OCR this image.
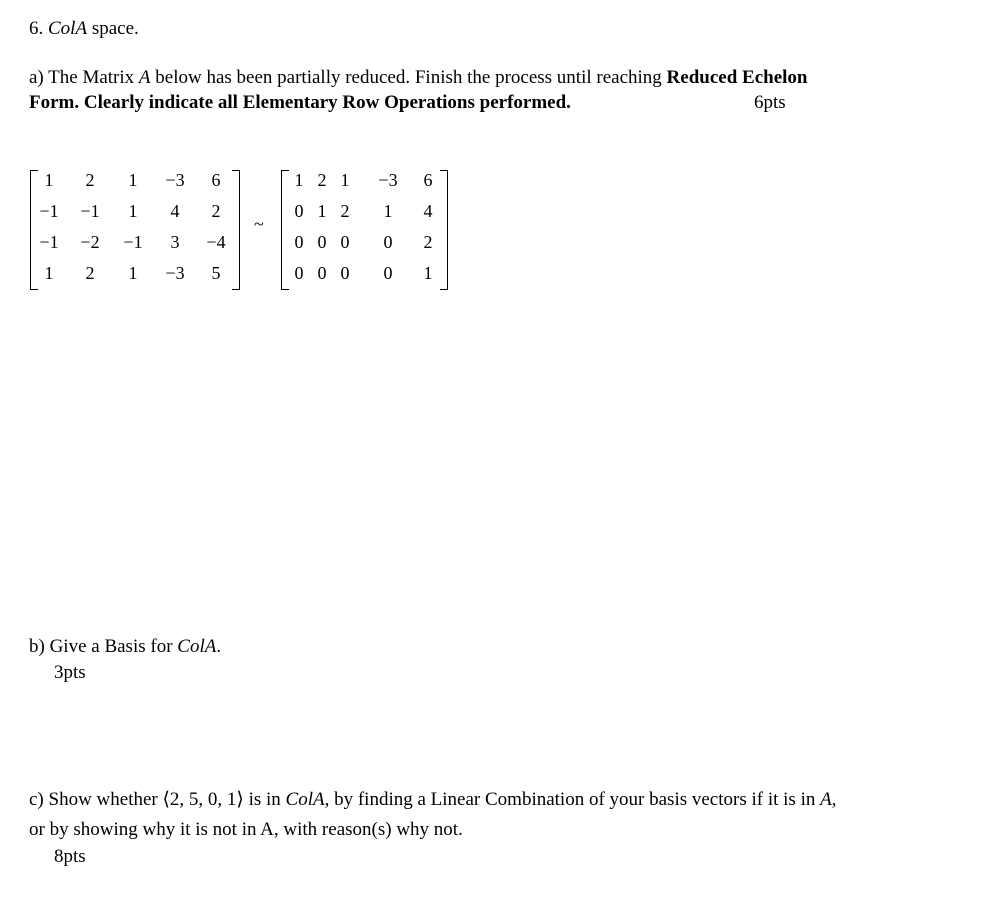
6. ColA space.
a) The Matrix A below has been partially reduced. Finish the process until reaching Reduced Echelon
Form. Clearly indicate all Elementary Row Operations performed.	6pts
1	2	1	−3	6
−1	−1	1	4	2
−1	−2	−1	3	−4
1	2	1	−3	5
~
1 2 1	−3	6
0 1 2	1	4
0 0 0	0	2
0 0 0	0	1
b) Give a Basis for ColA.
3pts
c) Show whether ⟨2, 5, 0, 1⟩ is in ColA, by finding a Linear Combination of your basis vectors if it is in A,
or by showing why it is not in A, with reason(s) why not.
8pts
